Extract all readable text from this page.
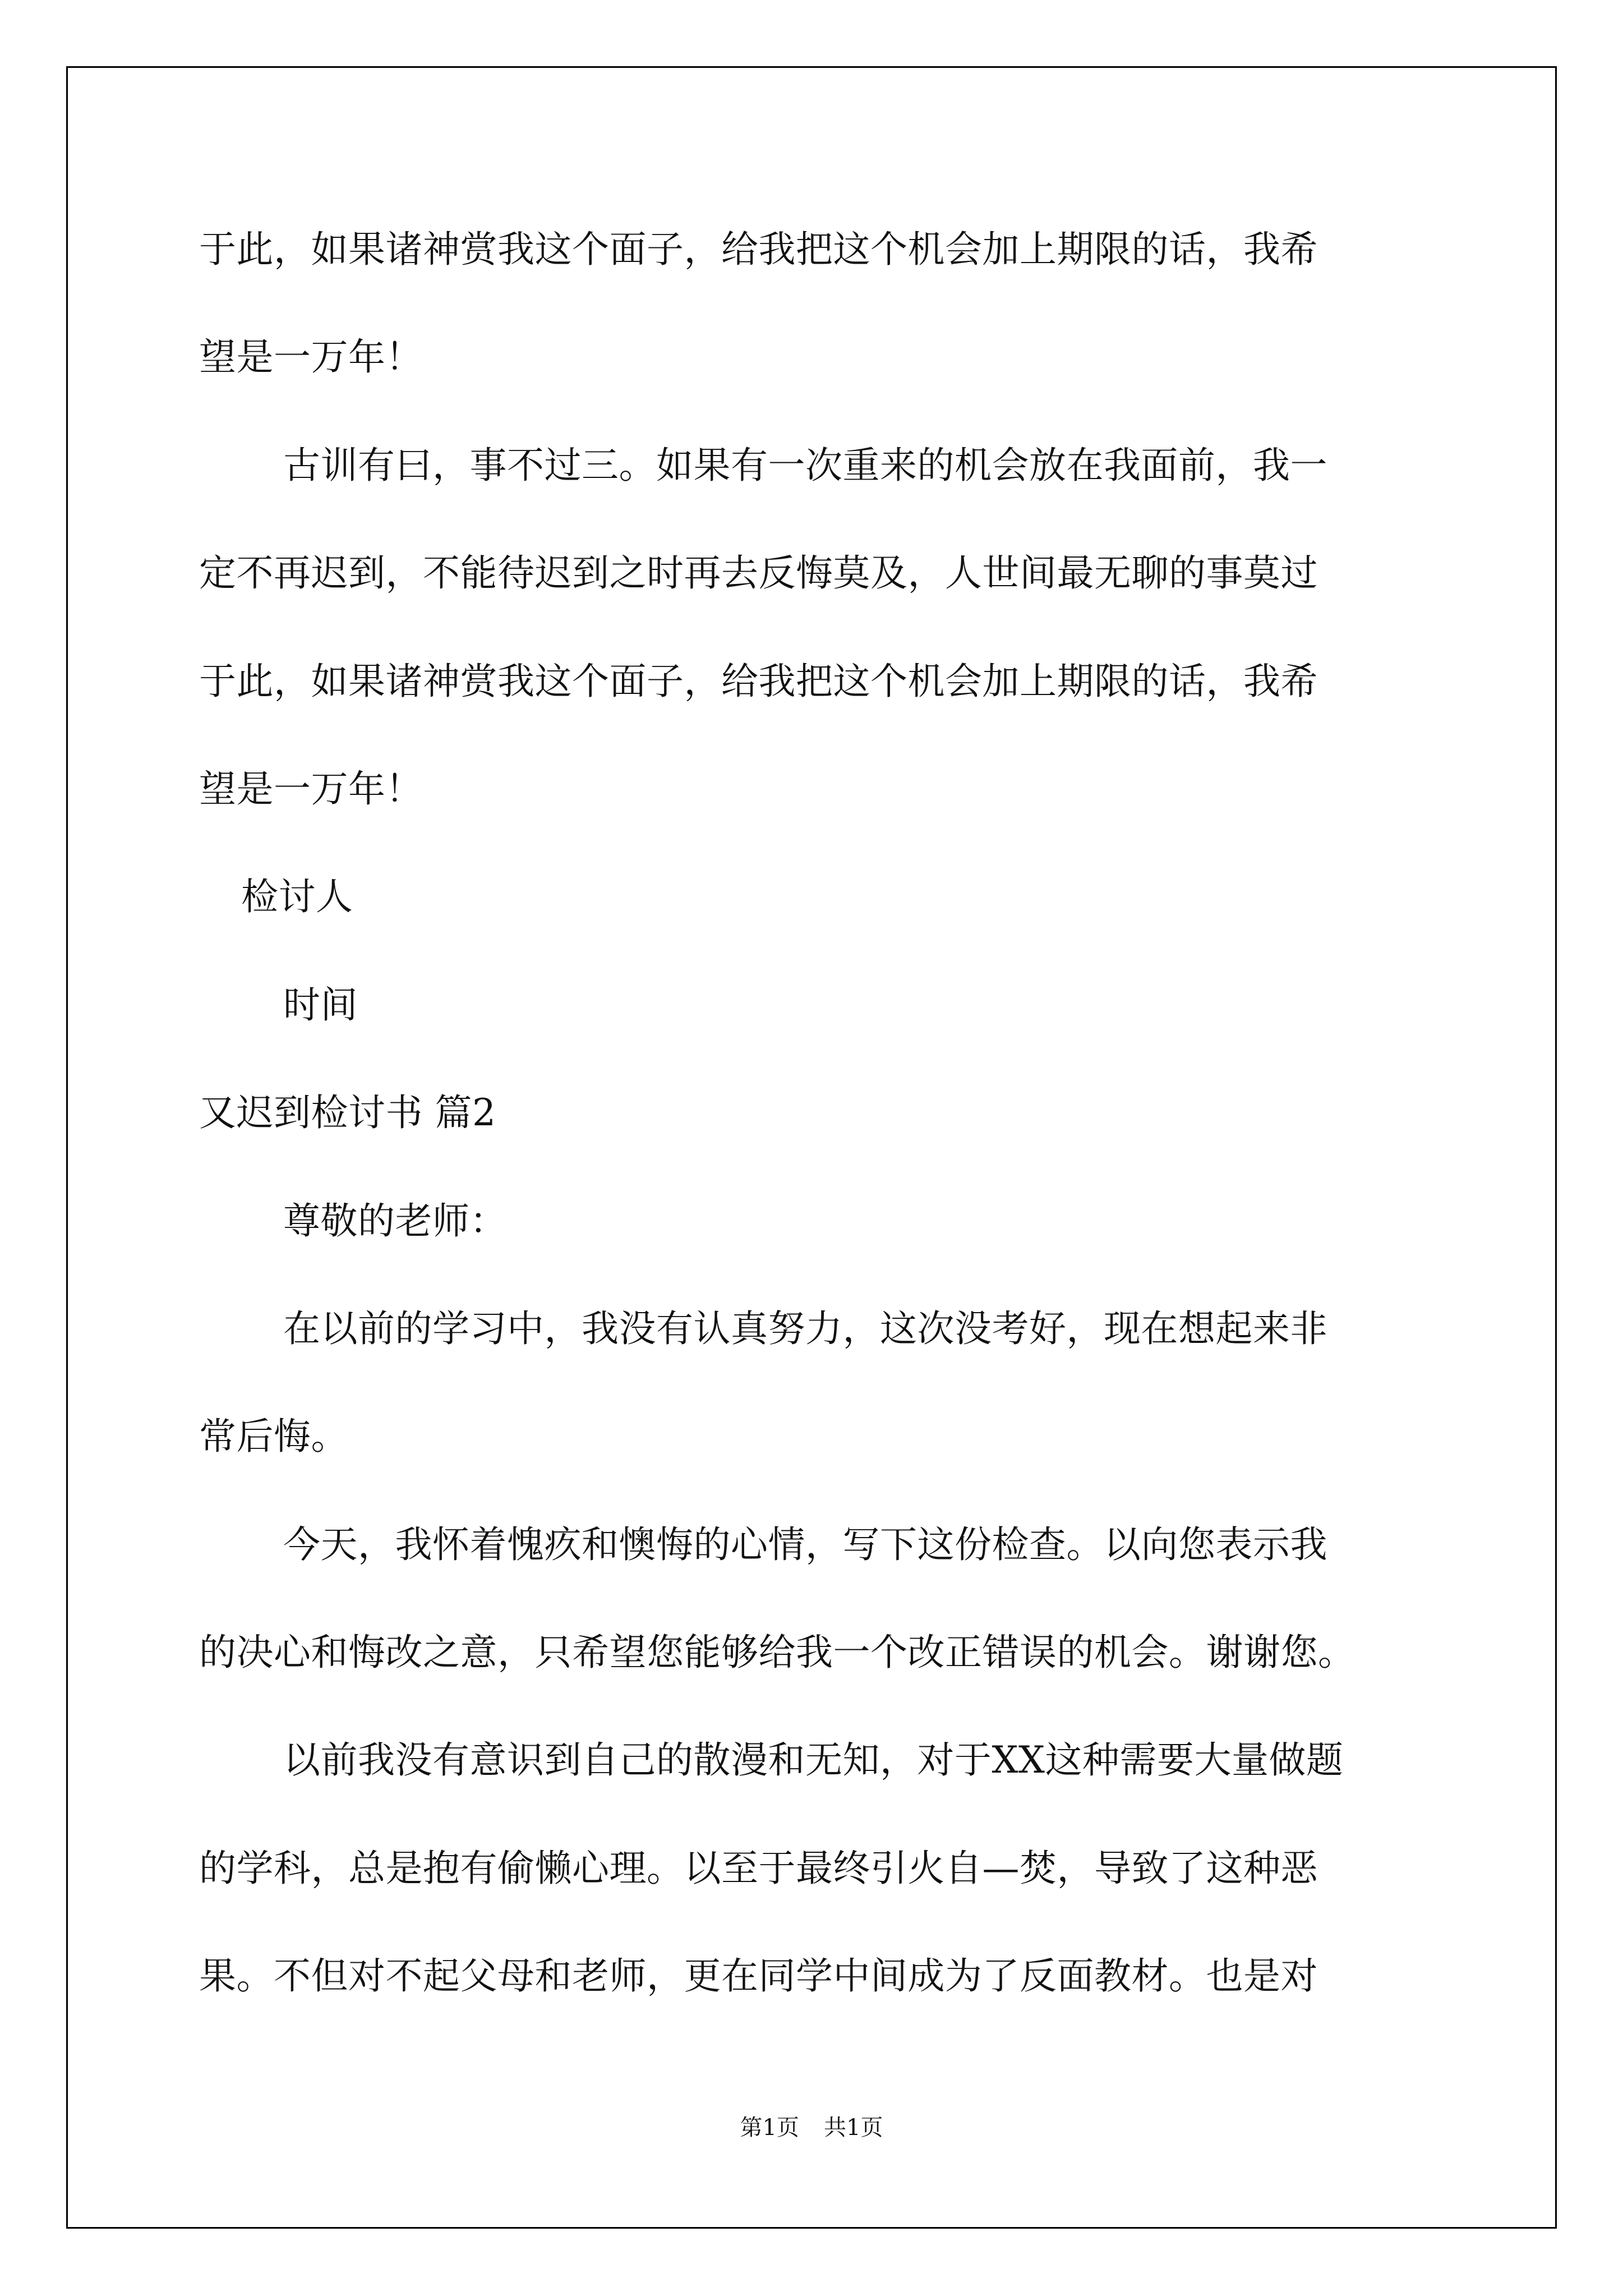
于此，如果诸神赏我这个面子，给我把这个机会加上期限的话，我希
望是一万年！
古训有曰，事不过三。如果有一次重来的机会放在我面前，我一
定不再迟到，不能待迟到之时再去反悔莫及，人世间最无聊的事莫过
于此，如果诸神赏我这个面子，给我把这个机会加上期限的话，我希
望是一万年！
检讨人
时间
又迟到检讨书 篇2
尊敬的老师：
在以前的学习中，我没有认真努力，这次没考好，现在想起来非
常后悔。
今天，我怀着愧疚和懊悔的心情，写下这份检查。以向您表示我
的决心和悔改之意，只希望您能够给我一个改正错误的机会。谢谢您。
以前我没有意识到自己的散漫和无知，对于XX这种需要大量做题
的学科，总是抱有偷懒心理。以至于最终引火自—焚，导致了这种恶
果。不但对不起父母和老师，更在同学中间成为了反面教材。也是对
第1页 共1页
